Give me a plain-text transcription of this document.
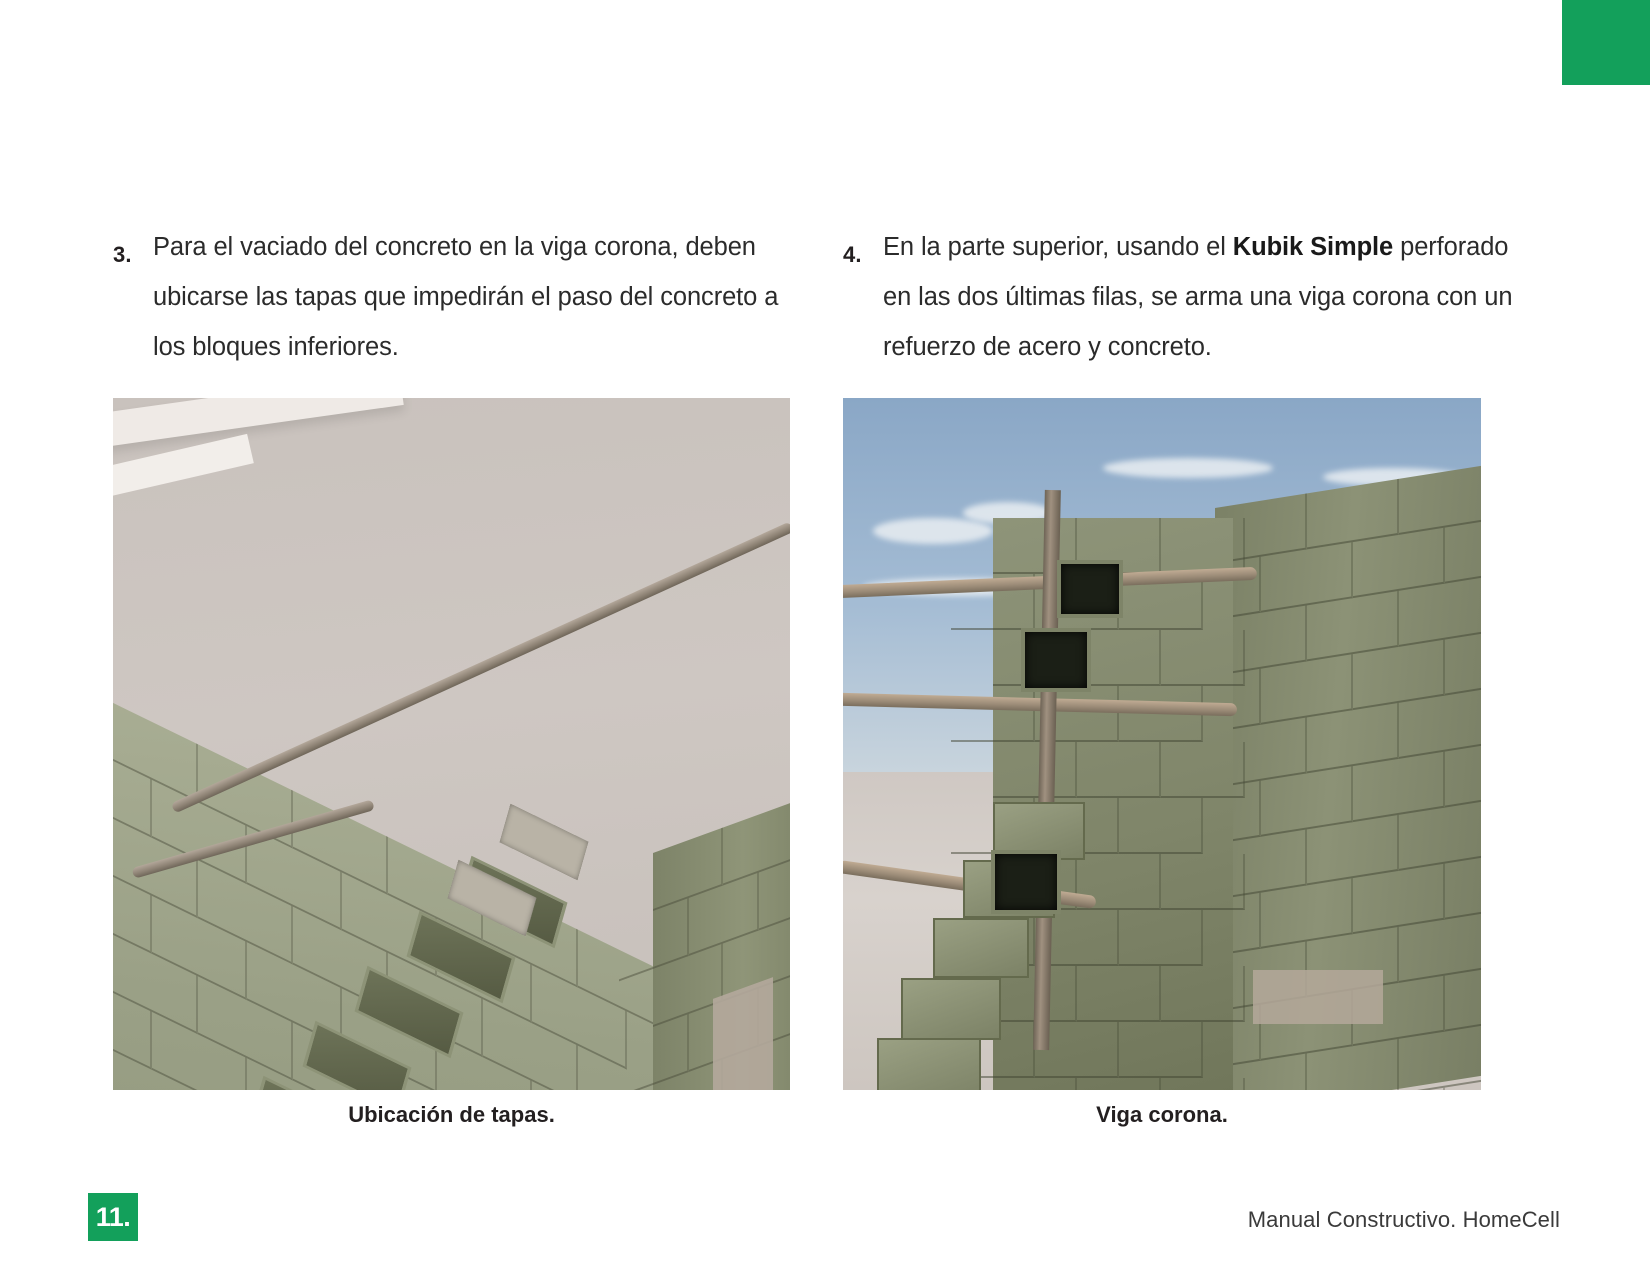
3. Para el vaciado del concreto en la viga corona, deben ubicarse las tapas que impedirán el paso del concreto a los bloques inferiores.
Ubicación de tapas.
4. En la parte superior, usando el Kubik Simple perforado en las dos últimas filas, se arma una viga corona con un refuerzo de acero y concreto.
Viga corona.
11.	Manual Constructivo. HomeCell
